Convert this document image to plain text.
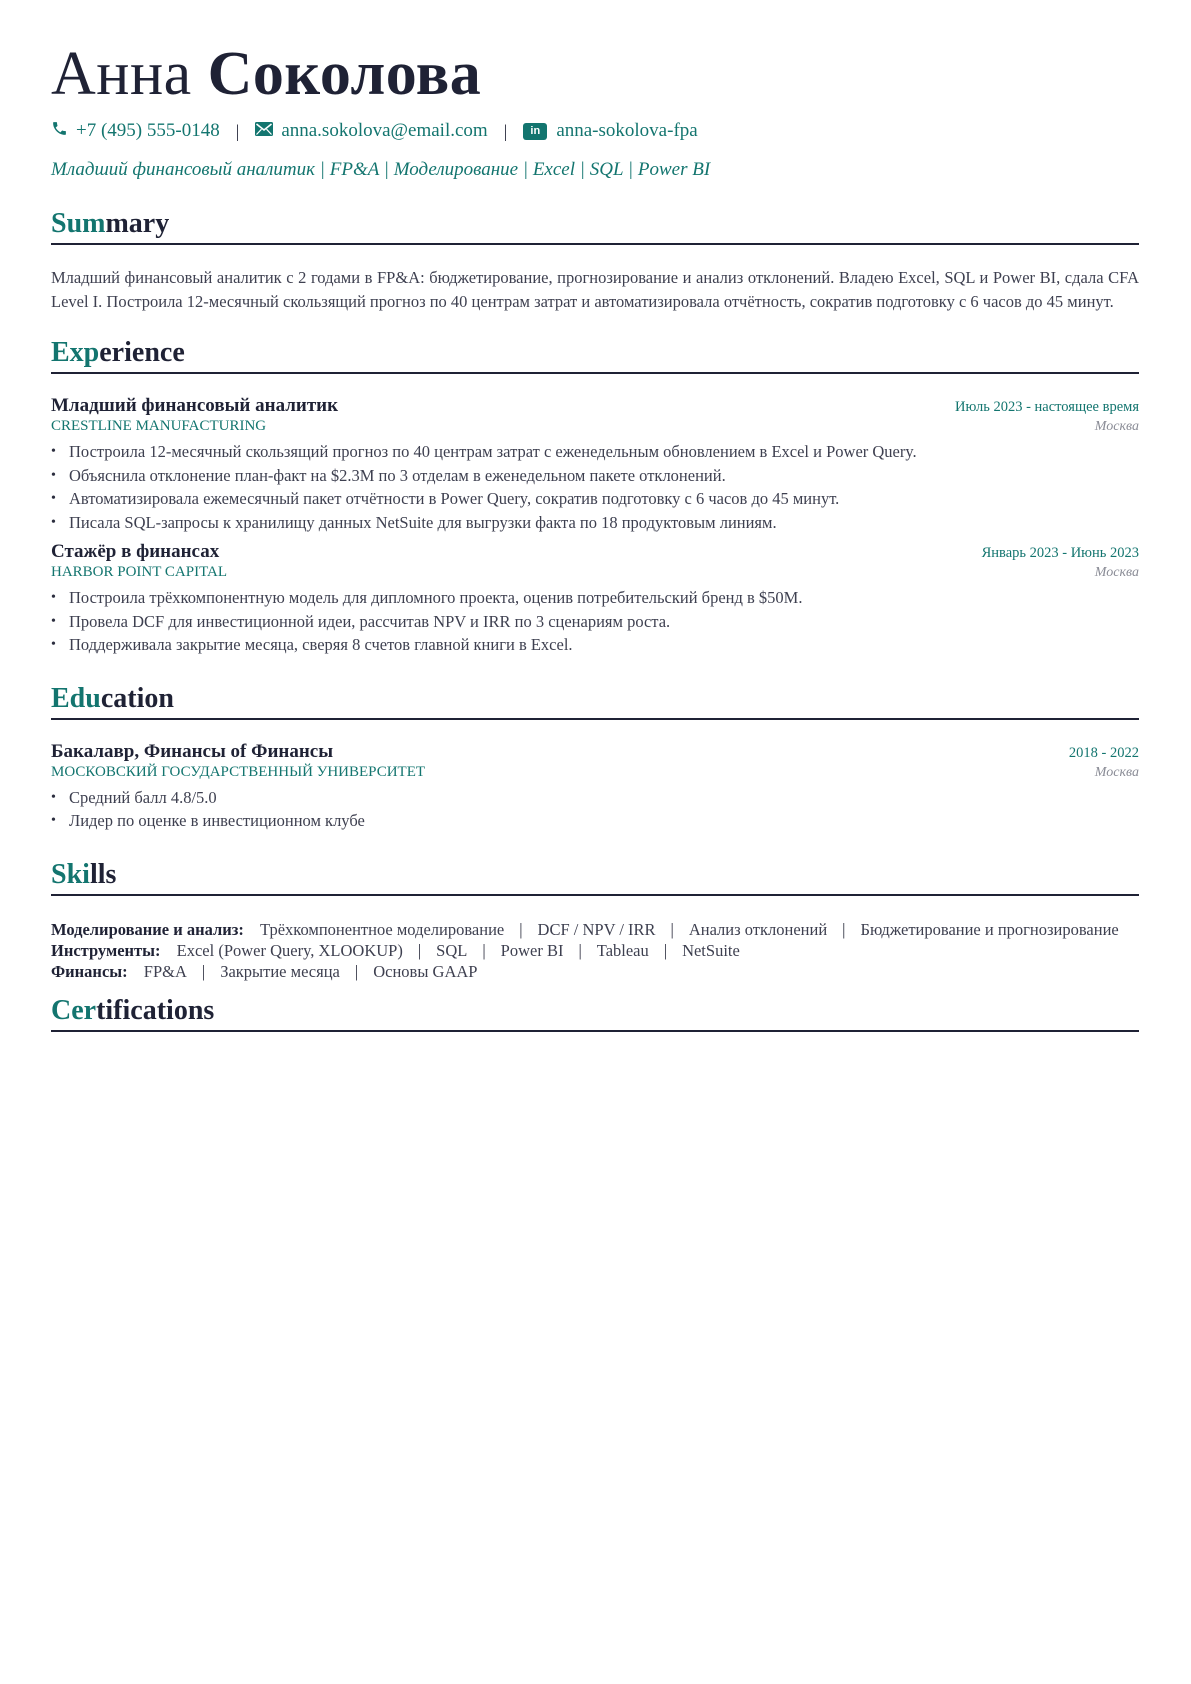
Анна Соколова
+7 (495) 555-0148 | anna.sokolova@email.com |	in anna-sokolova-fpa
Младший финансовый аналитик | FP&A | Моделирование | Excel | SQL | Power BI
Summary
Младший финансовый аналитик с 2 годами в FP&A: бюджетирование, прогнозирование и анализ отклонений. Владею Excel, SQL и Power BI, сдала CFA Level I. Построила 12-месячный скользящий прогноз по 40 центрам затрат и автоматизировала отчётность, сократив подготовку с 6 часов до 45 минут.
Experience
Младший финансовый аналитик	Июль 2023 - настоящее время
CRESTLINE MANUFACTURING	Москва
• Построила 12-месячный скользящий прогноз по 40 центрам затрат с еженедельным обновлением в Excel и Power Query.
• Объяснила отклонение план-факт на $2.3M по 3 отделам в еженедельном пакете отклонений.
• Автоматизировала ежемесячный пакет отчётности в Power Query, сократив подготовку с 6 часов до 45 минут.
• Писала SQL-запросы к хранилищу данных NetSuite для выгрузки факта по 18 продуктовым линиям.
Стажёр в финансах	Январь 2023 - Июнь 2023
HARBOR POINT CAPITAL	Москва
• Построила трёхкомпонентную модель для дипломного проекта, оценив потребительский бренд в $50M.
• Провела DCF для инвестиционной идеи, рассчитав NPV и IRR по 3 сценариям роста.
• Поддерживала закрытие месяца, сверяя 8 счетов главной книги в Excel.
Education
Бакалавр, Финансы of Финансы	2018 - 2022
МОСКОВСКИЙ ГОСУДАРСТВЕННЫЙ УНИВЕРСИТЕТ	Москва
• Средний балл 4.8/5.0
• Лидер по оценке в инвестиционном клубе
Skills
Моделирование и анализ: Трёхкомпонентное моделирование | DCF / NPV / IRR | Анализ отклонений | Бюджетирование и прогнозирование
Инструменты: Excel (Power Query, XLOOKUP) | SQL | Power BI | Tableau | NetSuite
Финансы: FP&A | Закрытие месяца | Основы GAAP
Certifications
